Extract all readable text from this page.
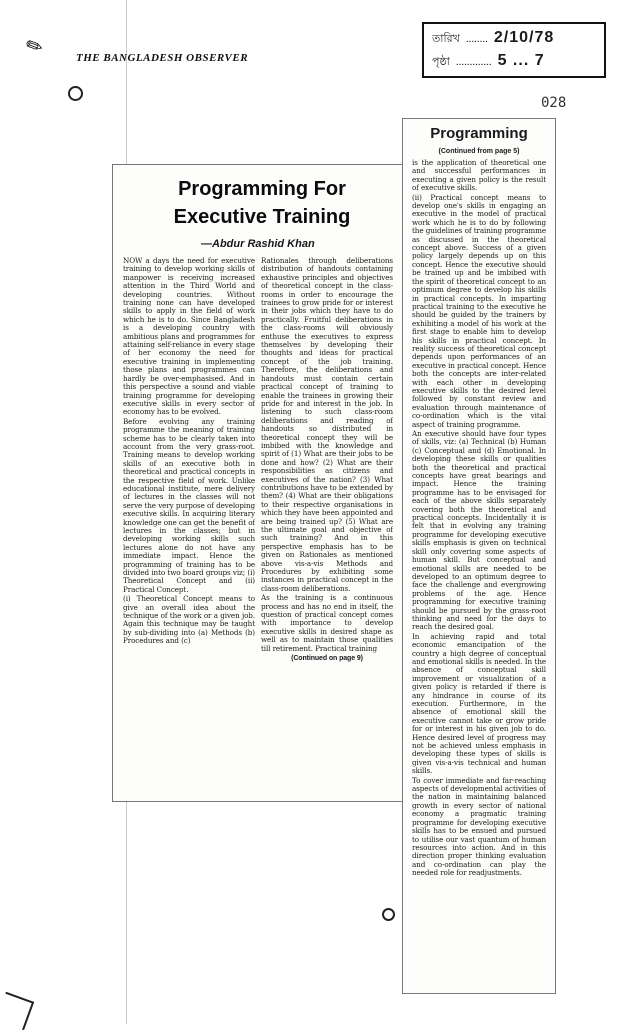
✎	THE BANGLADESH OBSERVER
তারিখ ........ 2/10/78
পৃষ্ঠা ............. 5 ... 7
028
Programming For
Executive Training
—Abdur Rashid Khan

NOW a days the need for executive training to develop working skills of manpower is receiving increased attention in the Third World and developing countries. Without training none can have developed skills to apply in the field of work which he is to do. Since Bangladesh is a developing country with ambitious plans and programmes for attaining self-reliance in every stage of her economy the need for executive training in implementing those plans and programmes can hardly be over-emphasised. And in this perspective a sound and viable training programme for developing executive skills in every sector of economy has to be evolved.

Before evolving any training programme the meaning of training scheme has to be clearly taken into account from the very grass-root. Training means to develop working skills of an executive both in theoretical and practical concepts in the respective field of work. Unlike educational institute, mere delivery of lectures in the classes will not serve the very purpose of developing executive skills. In acquiring literary knowledge one can get the benefit of lectures in the classes; but in developing working skills such lectures alone do not have any immediate impact. Hence the programming of training has to be divided into two board groups viz; (i) Theoretical Concept and (ii) Practical Concept.

(i) Theoretical Concept means to give an overall idea about the technique of the work or a given job. Again this technique may be taught by sub-dividing into (a) Methods (b) Procedures and (c)

Rationales through deliberations distribution of handouts containing exhaustive principles and objectives of theoretical concept in the class-rooms in order to encourage the trainees to grow pride for or interest in their jobs which they have to do practically. Fruitful deliberations in the class-rooms will obviously enthuse the executives to express themselves by developing their thoughts and ideas for practical concept of the job training. Therefore, the deliberations and handouts must contain certain practical concept of training to enable the trainees in growing their pride for and interest in the job. In listening to such class-room deliberations and reading of handouts so distributed in theoretical concept they will be imbibed with the knowledge and spirit of (1) What are their jobs to be done and how? (2) What are their responsibilities as citizens and executives of the nation? (3) What contributions have to be extended by them? (4) What are their obligations to their respective organisations in which they have been appointed and are being trained up? (5) What are the ultimate goal and objective of such training? And in this perspective emphasis has to be given on Rationales as mentioned above vis-a-vis Methods and Procedures by exhibiting some instances in practical concept in the class-room deliberations.

As the training is a continuous process and has no end in itself, the question of practical concept comes with importance to develop executive skills in desired shape as well as to maintain those qualities till retirement. Practical training

(Continued on page 9)

Programming
(Continued from page 5)

is the application of theoretical one and successful performances in executing a given policy is the result of executive skills.

(ii) Practical concept means to develop one's skills in engaging an executive in the model of practical work which he is to do by following the guidelines of training programme as discussed in the theoretical concept above. Success of a given policy largely depends up on this concept. Hence the executive should be trained up and be imbibed with the spirit of theoretical concept to an optimum degree to develop his skills in practical concepts. In imparting practical training to the executive he should be guided by the trainers by exhibiting a model of his work at the first stage to enable him to develop his skills in practical concept. In reality success of theoretical concept depends upon performances of an executive in practical concept. Hence both the concepts are inter-related with each other in developing executive skills to the desired level followed by constant review and evaluation through maintenance of co-ordination which is the vital aspect of training programme.

An executive should have four types of skills, viz: (a) Technical (b) Human (c) Conceptual and (d) Emotional. In developing these skills or qualities both the theoretical and practical concepts have great bearings and impact. Hence the training programme has to be envisaged for each of the above skills separately covering both the theoretical and practical concepts. Incidentally it is felt that in evolving any training programme for developing executive skills emphasis is given on technical skill only covering some aspects of human skill. But conceptual and emotional skills are needed to be developed to an optimum degree to face the challenge and evergrowing problems of the age. Hence programming for executive training should be pursued by the grass-root thinking and need for the days to reach the desired goal.

In achieving rapid and total economic emancipation of the country a high degree of conceptual and emotional skills is needed. In the absence of conceptual skill improvement or visualization of a given policy is retarded if there is any hindrance in course of its execution. Furthermore, in the absence of emotional skill the executive cannot take or grow pride for or interest in his given job to do. Hence desired level of progress may not be achieved unless emphasis in developing these types of skills is given vis-a-vis technical and human skills.

To cover immediate and far-reaching aspects of developmental activities of the nation in maintaining balanced growth in every sector of national economy a pragmatic training programme for developing executive skills has to be ensued and pursued to utilise our vast quantum of human resources into action. And in this direction proper thinking evaluation and co-ordination can play the needed role for readjustments.
